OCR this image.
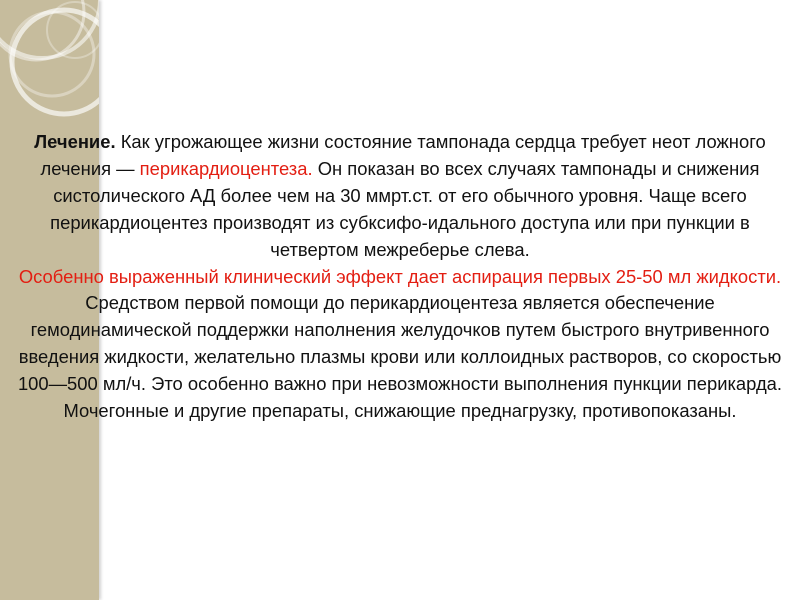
Лечение. Как угрожающее жизни состояние тампонада сердца требует неот ложного лечения — перикардиоцентеза. Он показан во всех случаях тампонады и снижения систолического АД более чем на 30 ммрт.ст. от его обычного уровня. Чаще всего перикардиоцентез производят из субксифо-идального доступа или при пункции в четвертом межреберье слева.

Особенно выраженный клинический эффект дает аспирация первых 25-50 мл жидкости.

Средством первой помощи до перикардиоцентеза является обеспечение гемодинамической поддержки наполнения желудочков путем быстрого внутривенного введения жидкости, желательно плазмы крови или коллоидных растворов, со скоростью 100—500 мл/ч. Это особенно важно при невозможности выполнения пункции перикарда. Мочегонные и другие препараты, снижающие преднагрузку, противопоказаны.
